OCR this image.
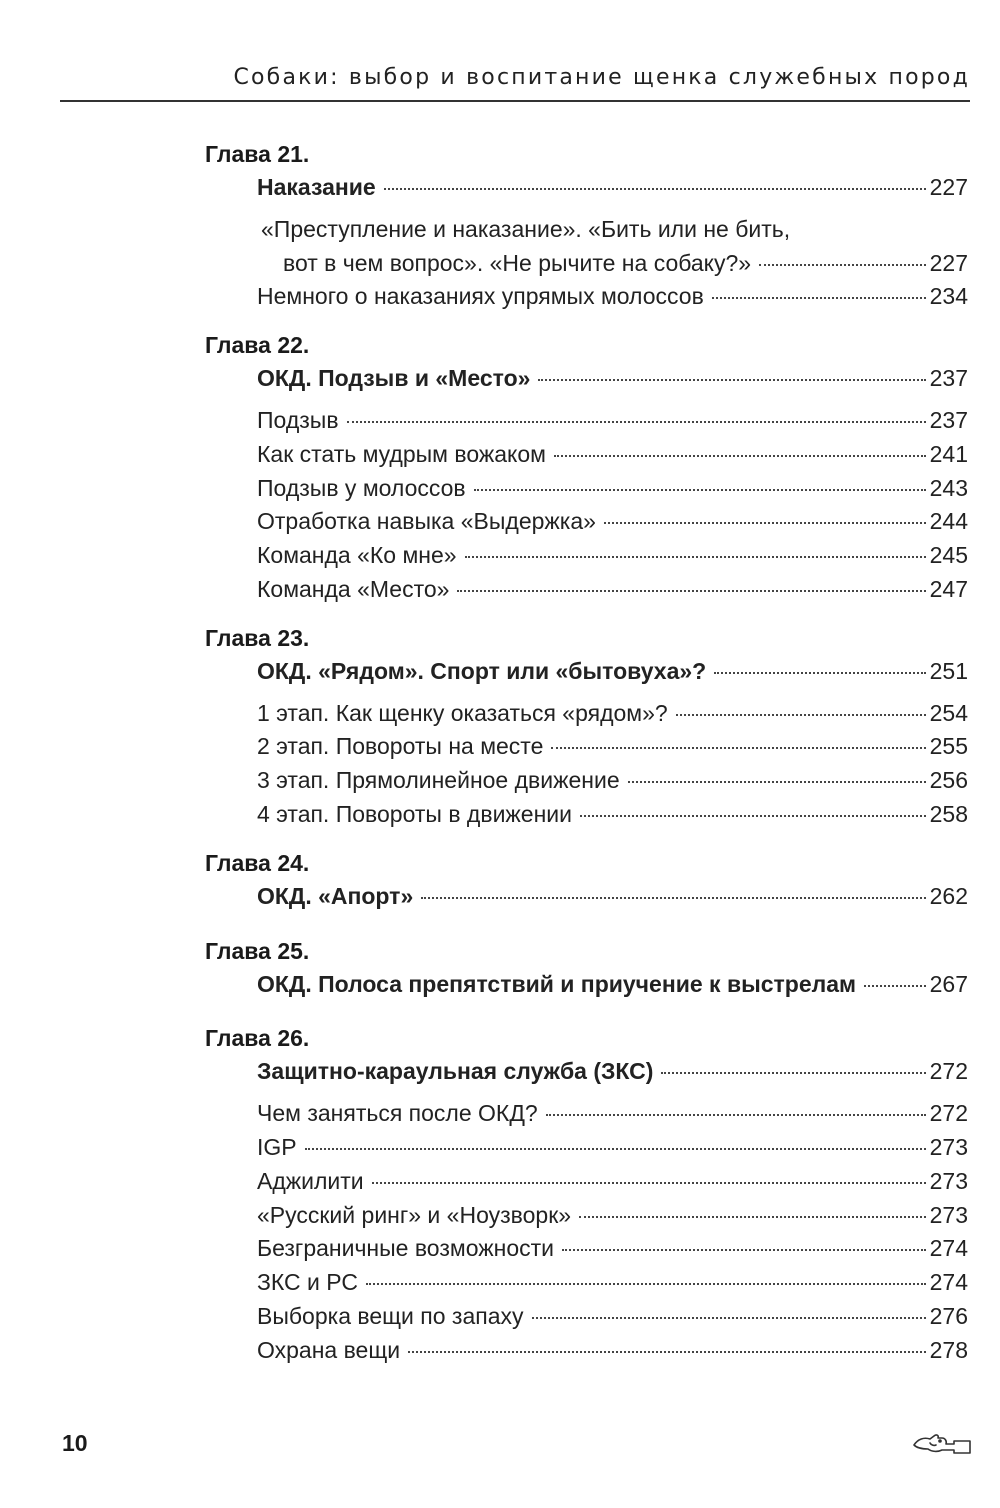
Собаки: выбор и воспитание щенка служебных пород
Глава 21.
Наказание	227
«Преступление и наказание». «Бить или не бить,
вот в чем вопрос». «Не рычите на собаку?»	227
Немного о наказаниях упрямых молоссов	234
Глава 22.
ОКД. Подзыв и «Место»	237
Подзыв	237
Как стать мудрым вожаком	241
Подзыв у молоссов	243
Отработка навыка «Выдержка»	244
Команда «Ко мне»	245
Команда «Место»	247
Глава 23.
ОКД. «Рядом». Спорт или «бытовуха»?	251
1 этап. Как щенку оказаться «рядом»?	254
2 этап. Повороты на месте	255
3 этап. Прямолинейное движение	256
4 этап. Повороты в движении	258
Глава 24.
ОКД. «Апорт»	262
Глава 25.
ОКД. Полоса препятствий и приучение к выстрелам	267
Глава 26.
Защитно-караульная служба (ЗКС)	272
Чем заняться после ОКД?	272
IGP	273
Аджилити	273
«Русский ринг» и «Ноузворк»	273
Безграничные возможности	274
ЗКС и РС	274
Выборка вещи по запаху	276
Охрана вещи	278
10
